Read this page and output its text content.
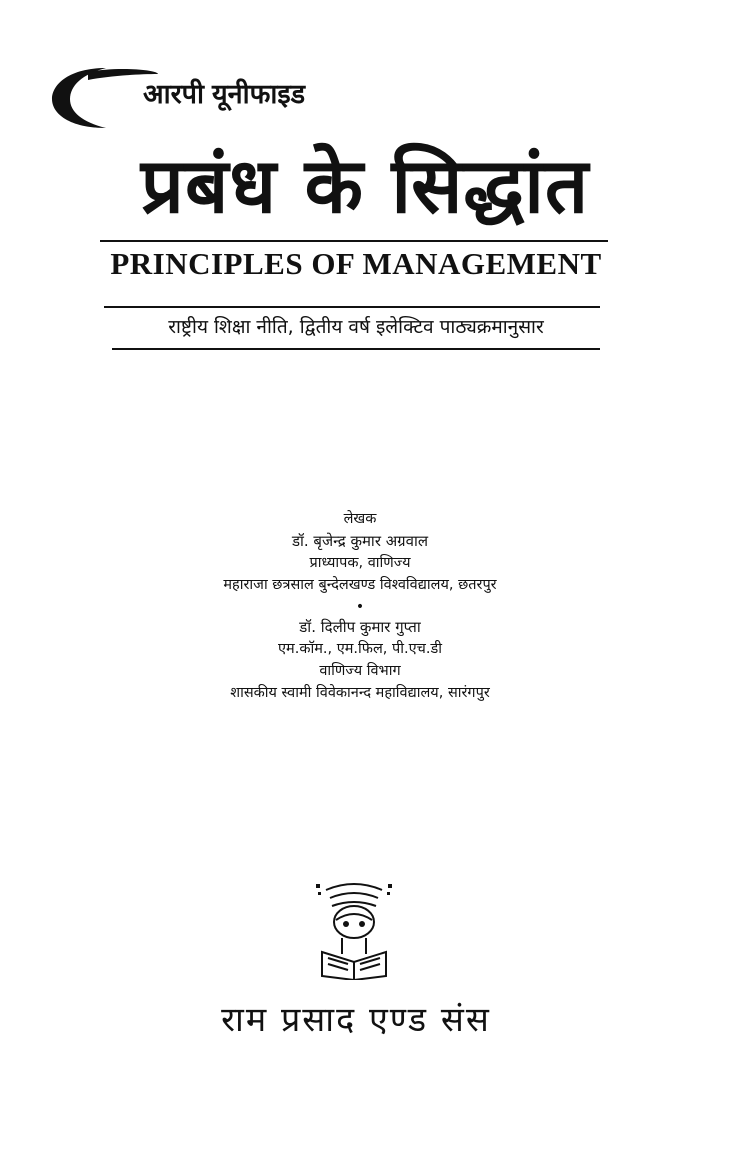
आरपी यूनीफाइड
प्रबंध के सिद्धांत
PRINCIPLES OF MANAGEMENT
राष्ट्रीय शिक्षा नीति, द्वितीय वर्ष इलेक्टिव पाठ्यक्रमानुसार
लेखक
डॉ. बृजेन्द्र कुमार अग्रवाल
प्राध्यापक, वाणिज्य
महाराजा छत्रसाल बुन्देलखण्ड विश्वविद्यालय, छतरपुर
•
डॉ. दिलीप कुमार गुप्ता
एम.कॉम., एम.फिल, पी.एच.डी
वाणिज्य विभाग
शासकीय स्वामी विवेकानन्द महाविद्यालय, सारंगपुर
राम प्रसाद एण्ड संस
